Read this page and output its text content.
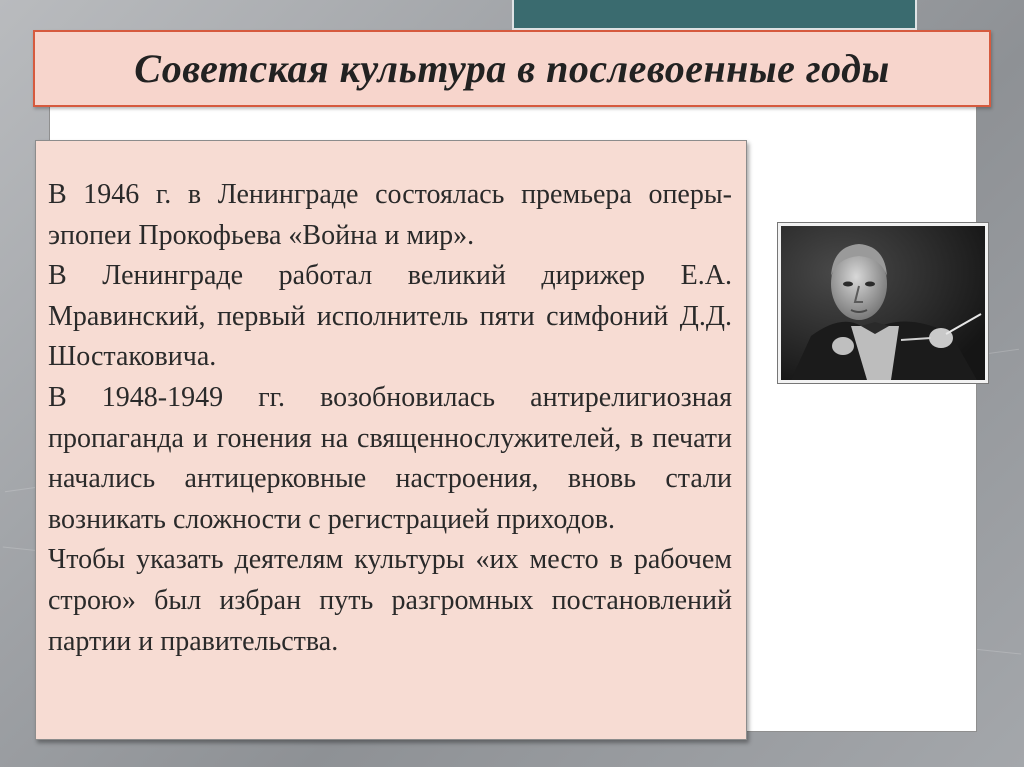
Советская культура в послевоенные годы

В 1946 г. в Ленинграде состоялась премьера оперы-эпопеи Прокофьева «Война и мир».

В Ленинграде работал великий дирижер Е.А. Мравинский, первый исполнитель пяти симфоний Д.Д. Шостаковича.

В 1948-1949 гг. возобновилась антирелигиозная пропаганда и гонения на священнослужителей, в печати начались антицерковные настроения, вновь стали возникать сложности с регистрацией приходов.

Чтобы указать деятелям культуры «их место в рабочем строю» был избран путь разгромных постановлений партии и правительства.
